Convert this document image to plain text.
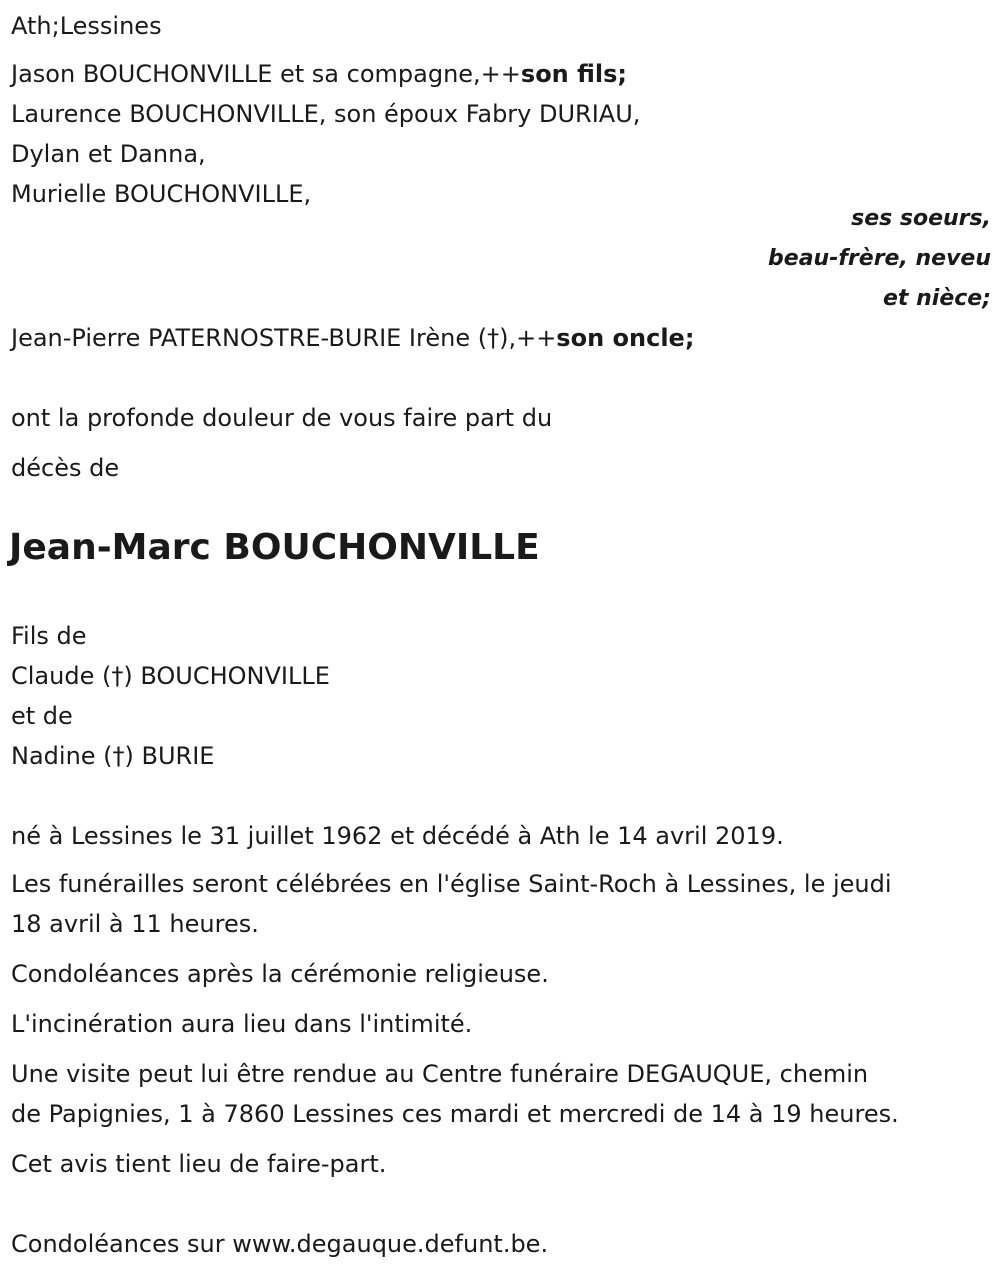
Ath;Lessines
Jason BOUCHONVILLE et sa compagne,++son fils;
Laurence BOUCHONVILLE, son époux Fabry DURIAU,
Dylan et Danna,
Murielle BOUCHONVILLE,
ses soeurs,
beau-frère, neveu
et nièce;
Jean-Pierre PATERNOSTRE-BURIE Irène (†),++son oncle;
ont la profonde douleur de vous faire part du
décès de
Jean-Marc BOUCHONVILLE
Fils de
Claude (†) BOUCHONVILLE
et de
Nadine (†) BURIE
né à Lessines le 31 juillet 1962 et décédé à Ath le 14 avril 2019.
Les funérailles seront célébrées en l'église Saint-Roch à Lessines, le jeudi
18 avril à 11 heures.
Condoléances après la cérémonie religieuse.
L'incinération aura lieu dans l'intimité.
Une visite peut lui être rendue au Centre funéraire DEGAUQUE, chemin
de Papignies, 1 à 7860 Lessines ces mardi et mercredi de 14 à 19 heures.
Cet avis tient lieu de faire-part.
Condoléances sur www.degauque.defunt.be.
